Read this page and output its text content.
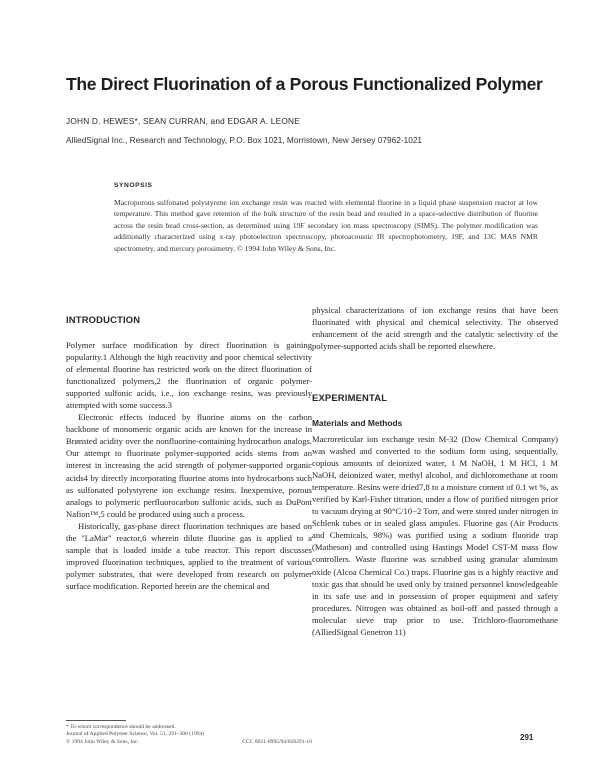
The Direct Fluorination of a Porous Functionalized Polymer
JOHN D. HEWES*, SEAN CURRAN, and EDGAR A. LEONE
AlliedSignal Inc., Research and Technology, P.O. Box 1021, Morristown, New Jersey 07962-1021
SYNOPSIS
Macroporous sulfonated polystyrene ion exchange resin was reacted with elemental fluorine in a liquid phase suspension reactor at low temperature. This method gave retention of the bulk structure of the resin bead and resulted in a space-selective distribution of fluorine across the resin bead cross-section, as determined using 19F secondary ion mass spectroscopy (SIMS). The polymer modification was additionally characterized using x-ray photoelectron spectroscopy, photoacoustic IR spectrophotometry, 19F, and 13C MAS NMR spectrometry, and mercury porosimetry. © 1994 John Wiley & Sons, Inc.
INTRODUCTION

Polymer surface modification by direct fluorination is gaining popularity.1 Although the high reactivity and poor chemical selectivity of elemental fluorine has restricted work on the direct fluorination of functionalized polymers,2 the fluorination of organic polymer-supported sulfonic acids, i.e., ion exchange resins, was previously attempted with some success.3

Electronic effects induced by fluorine atoms on the carbon backbone of monomeric organic acids are known for the increase in Brønsted acidity over the nonfluorine-containing hydrocarbon analogs. Our attempt to fluorinate polymer-supported acids stems from an interest in increasing the acid strength of polymer-supported organic acids4 by directly incorporating fluorine atoms into hydrocarbons such as sulfonated polystyrene ion exchange resins. Inexpensive, porous analogs to polymeric perfluorocarbon sulfonic acids, such as DuPont Nafion™,5 could be produced using such a process.

Historically, gas-phase direct fluorination techniques are based on the "LaMar" reactor,6 wherein dilute fluorine gas is applied to a sample that is loaded inside a tube reactor. This report discusses improved fluorination techniques, applied to the treatment of various polymer substrates, that were developed from research on polymer surface modification. Reported herein are the chemical and

physical characterizations of ion exchange resins that have been fluorinated with physical and chemical selectivity. The observed enhancement of the acid strength and the catalytic selectivity of the polymer-supported acids shall be reported elsewhere.

EXPERIMENTAL
Materials and Methods

Macroreticular ion exchange resin M-32 (Dow Chemical Company) was washed and converted to the sodium form using, sequentially, copious amounts of deionized water, 1 M NaOH, 1 M HCl, 1 M NaOH, deionized water, methyl alcohol, and dichloromethane at room temperature. Resins were dried7,8 to a moisture content of 0.1 wt %, as verified by Karl-Fisher titration, under a flow of purified nitrogen prior to vacuum drying at 90°C/10−2 Torr, and were stored under nitrogen in Schlenk tubes or in sealed glass ampules. Fluorine gas (Air Products and Chemicals, 98%) was purified using a sodium fluoride trap (Matheson) and controlled using Hastings Model CST-M mass flow controllers. Waste fluorine was scrubbed using granular aluminum oxide (Alcoa Chemical Co.) traps. Fluorine gas is a highly reactive and toxic gas that should be used only by trained personnel knowledgeable in its safe use and in possession of proper equipment and safety procedures. Nitrogen was obtained as boil-off and passed through a molecular sieve trap prior to use. Trichloro-fluoromethane (AlliedSignal Genetron 11)

* To whom correspondence should be addressed.
Journal of Applied Polymer Science, Vol. 51, 291–300 (1994)
© 1994 John Wiley & Sons, Inc.	CCC 0021-8995/94/020291-10	291
